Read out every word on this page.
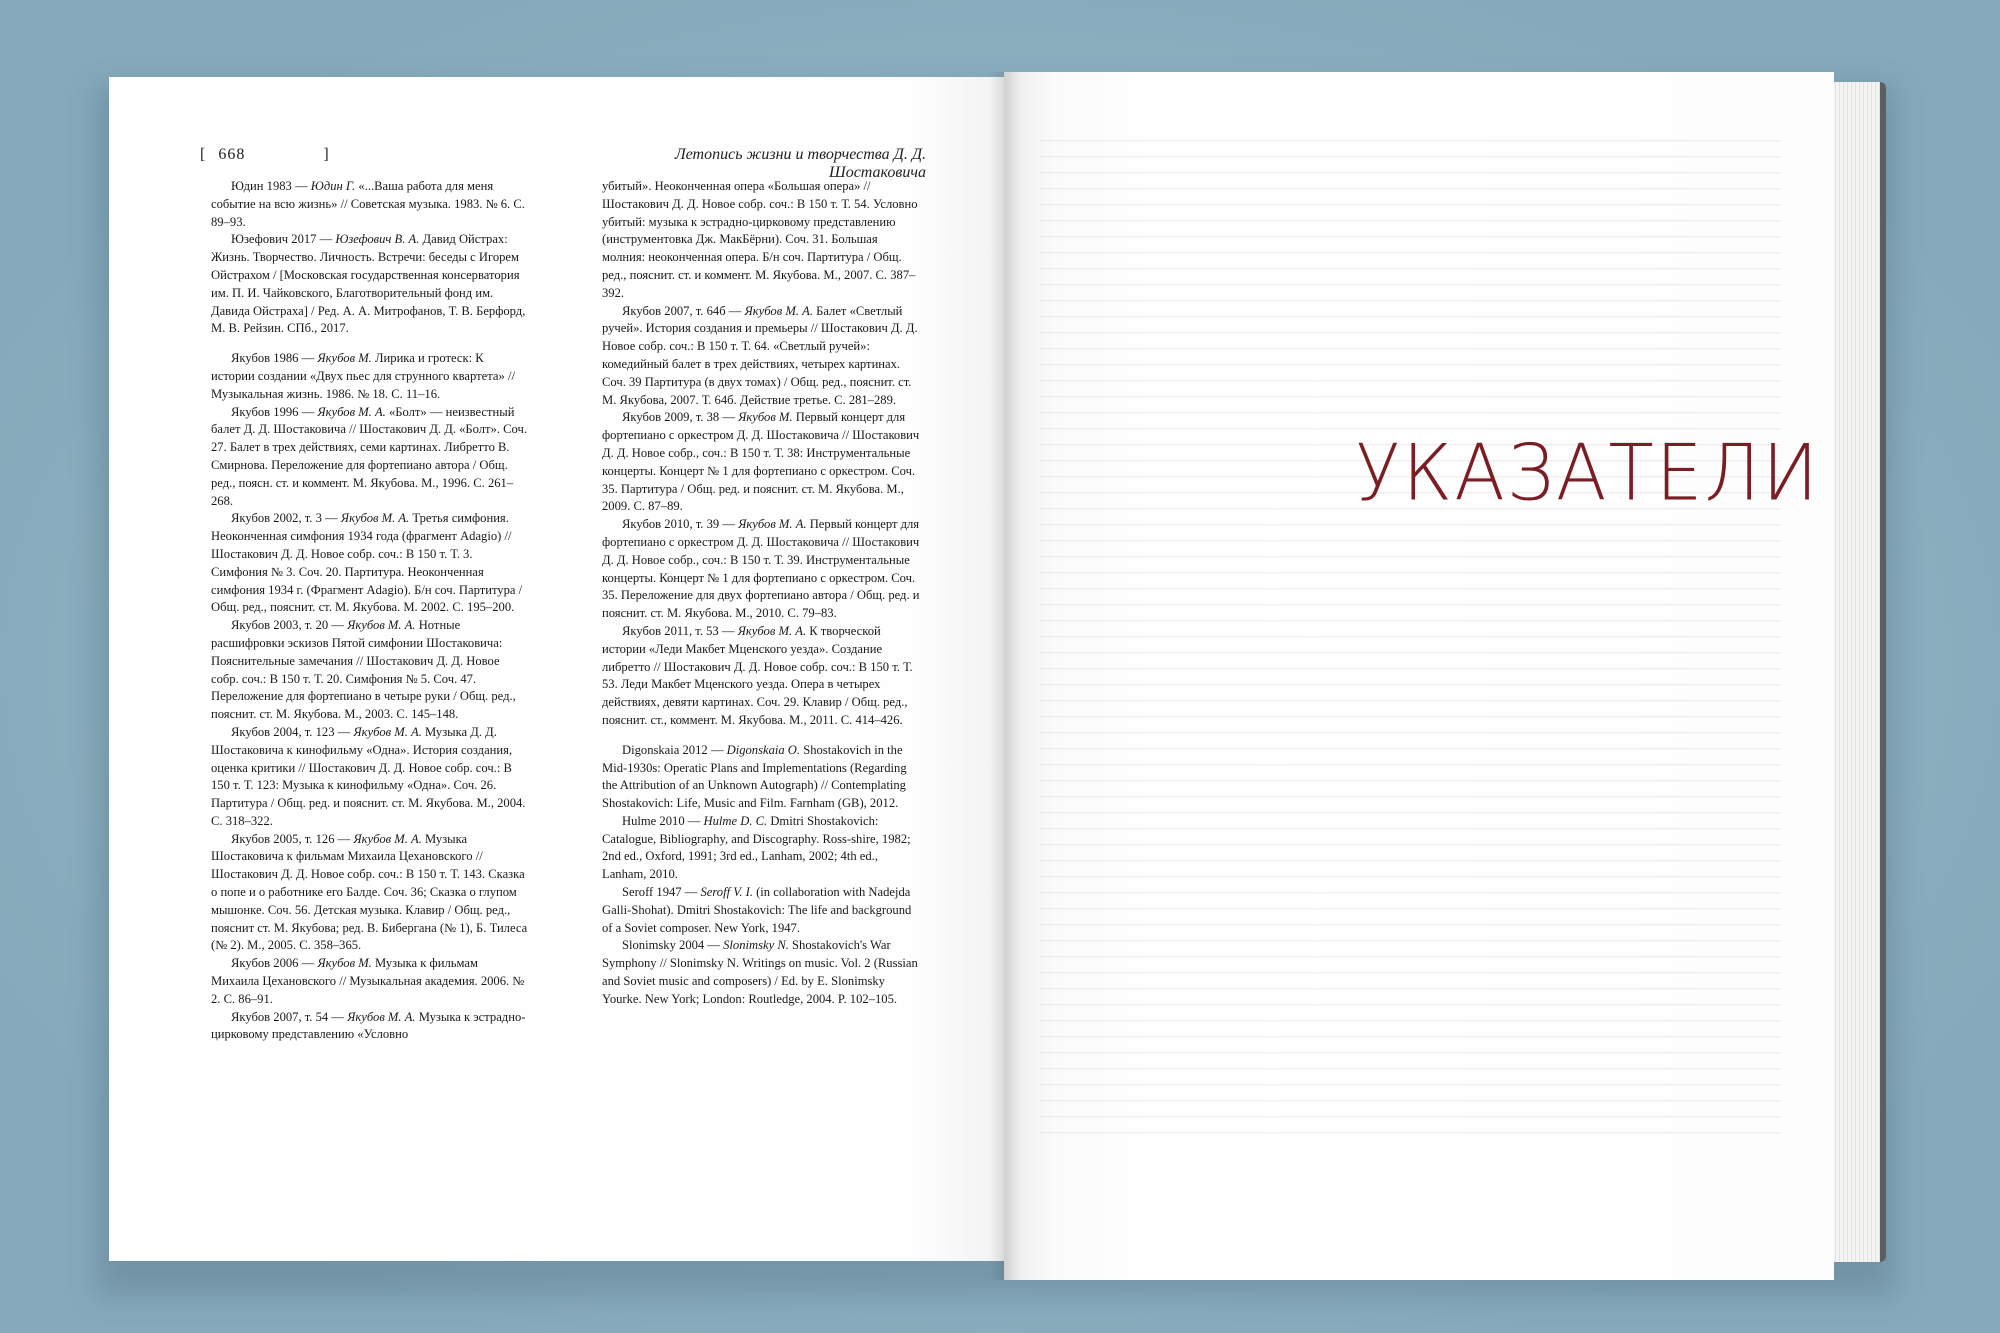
[ 668	]	Летопись жизни и творчества Д. Д. Шостаковича

Юдин 1983 — Юдин Г. «...Ваша работа для меня событие на всю жизнь» // Советская музыка. 1983. № 6. С. 89–93.

Юзефович 2017 — Юзефович В. А. Давид Ойстрах: Жизнь. Творчество. Личность. Встречи: беседы с Игорем Ойстрахом / [Московская государственная консерватория им. П. И. Чайковского, Благотворительный фонд им. Давида Ойстраха] / Ред. А. А. Митрофанов, Т. В. Берфорд, М. В. Рейзин. СПб., 2017.

Якубов 1986 — Якубов М. Лирика и гротеск: К истории создании «Двух пьес для струнного квартета» // Музыкальная жизнь. 1986. № 18. С. 11–16.

Якубов 1996 — Якубов М. А. «Болт» — неизвестный балет Д. Д. Шостаковича // Шостакович Д. Д. «Болт». Соч. 27. Балет в трех действиях, семи картинах. Либретто В. Смирнова. Переложение для фортепиано автора / Общ. ред., поясн. ст. и коммент. М. Якубова. М., 1996. С. 261–268.

Якубов 2002, т. 3 — Якубов М. А. Третья симфония. Неоконченная симфония 1934 года (фрагмент Adagio) // Шостакович Д. Д. Новое собр. соч.: В 150 т. Т. 3. Симфония № 3. Соч. 20. Партитура. Неоконченная симфония 1934 г. (Фрагмент Adagio). Б/н соч. Партитура / Общ. ред., пояснит. ст. М. Якубова. М. 2002. С. 195–200.

Якубов 2003, т. 20 — Якубов М. А. Нотные расшифровки эскизов Пятой симфонии Шостаковича: Пояснительные замечания // Шостакович Д. Д. Новое собр. соч.: В 150 т. Т. 20. Симфония № 5. Соч. 47. Переложение для фортепиано в четыре руки / Общ. ред., пояснит. ст. М. Якубова. М., 2003. С. 145–148.

Якубов 2004, т. 123 — Якубов М. А. Музыка Д. Д. Шостаковича к кинофильму «Одна». История создания, оценка критики // Шостакович Д. Д. Новое собр. соч.: В 150 т. Т. 123: Музыка к кинофильму «Одна». Соч. 26. Партитура / Общ. ред. и пояснит. ст. М. Якубова. М., 2004. С. 318–322.

Якубов 2005, т. 126 — Якубов М. А. Музыка Шостаковича к фильмам Михаила Цехановского // Шостакович Д. Д. Новое собр. соч.: В 150 т. Т. 143. Сказка о попе и о работнике его Балде. Соч. 36; Сказка о глупом мышонке. Соч. 56. Детская музыка. Клавир / Общ. ред., пояснит ст. М. Якубова; ред. В. Бибергана (№ 1), Б. Тилеса (№ 2). М., 2005. С. 358–365.

Якубов 2006 — Якубов М. Музыка к фильмам Михаила Цехановского // Музыкальная академия. 2006. № 2. С. 86–91.

Якубов 2007, т. 54 — Якубов М. А. Музыка к эстрадно-цирковому представлению «Условно

убитый». Неоконченная опера «Большая опера» // Шостакович Д. Д. Новое собр. соч.: В 150 т. Т. 54. Условно убитый: музыка к эстрадно-цирковому представлению (инструментовка Дж. МакБёрни). Соч. 31. Большая молния: неоконченная опера. Б/н соч. Партитура / Общ. ред., пояснит. ст. и коммент. М. Якубова. М., 2007. С. 387–392.

Якубов 2007, т. 64б — Якубов М. А. Балет «Светлый ручей». История создания и премьеры // Шостакович Д. Д. Новое собр. соч.: В 150 т. Т. 64. «Светлый ручей»: комедийный балет в трех действиях, четырех картинах. Соч. 39 Партитура (в двух томах) / Общ. ред., пояснит. ст. М. Якубова, 2007. Т. 64б. Действие третье. С. 281–289.

Якубов 2009, т. 38 — Якубов М. Первый концерт для фортепиано с оркестром Д. Д. Шостаковича // Шостакович Д. Д. Новое собр., соч.: В 150 т. Т. 38: Инструментальные концерты. Концерт № 1 для фортепиано с оркестром. Соч. 35. Партитура / Общ. ред. и пояснит. ст. М. Якубова. М., 2009. С. 87–89.

Якубов 2010, т. 39 — Якубов М. А. Первый концерт для фортепиано с оркестром Д. Д. Шостаковича // Шостакович Д. Д. Новое собр., соч.: В 150 т. Т. 39. Инструментальные концерты. Концерт № 1 для фортепиано с оркестром. Соч. 35. Переложение для двух фортепиано автора / Общ. ред. и пояснит. ст. М. Якубова. М., 2010. С. 79–83.

Якубов 2011, т. 53 — Якубов М. А. К творческой истории «Леди Макбет Мценского уезда». Создание либретто // Шостакович Д. Д. Новое собр. соч.: В 150 т. Т. 53. Леди Макбет Мценского уезда. Опера в четырех действиях, девяти картинах. Соч. 29. Клавир / Общ. ред., пояснит. ст., коммент. М. Якубова. М., 2011. С. 414–426.

Digonskaia 2012 — Digonskaia O. Shostakovich in the Mid-1930s: Operatic Plans and Implementations (Regarding the Attribution of an Unknown Autograph) // Contemplating Shostakovich: Life, Music and Film. Farnham (GB), 2012.

Hulme 2010 — Hulme D. C. Dmitri Shostakovich: Catalogue, Bibliography, and Discography. Ross-shire, 1982; 2nd ed., Oxford, 1991; 3rd ed., Lanham, 2002; 4th ed., Lanham, 2010.

Seroff 1947 — Seroff V. I. (in collaboration with Nadejda Galli-Shohat). Dmitri Shostakovich: The life and background of a Soviet composer. New York, 1947.

Slonimsky 2004 — Slonimsky N. Shostakovich's War Symphony // Slonimsky N. Writings on music. Vol. 2 (Russian and Soviet music and composers) / Ed. by E. Slonimsky Yourke. New York; London: Routledge, 2004. P. 102–105.

УКАЗАТЕЛИ
